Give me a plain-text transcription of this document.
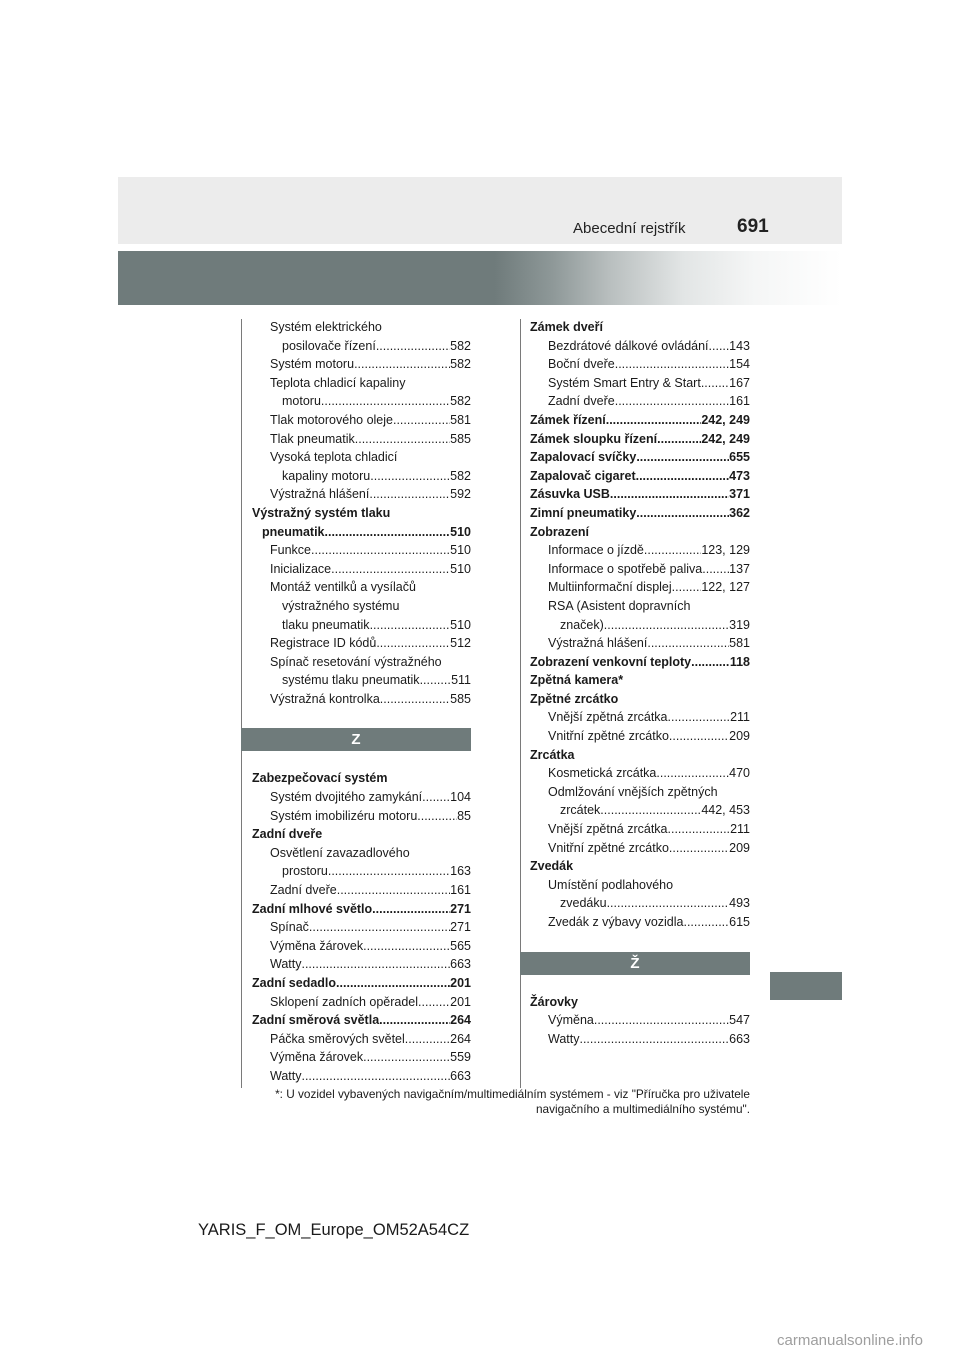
Abecední rejstřík	691
Systém elektrického
posilovače řízení .....	582
Systém motoru .....	582
Teplota chladicí kapaliny
motoru .....	582
Tlak motorového oleje .....	581
Tlak pneumatik .....	585
Vysoká teplota chladicí
kapaliny motoru .....	582
Výstražná hlášení .....	592
Výstražný systém tlaku
pneumatik .....	510
Funkce .....	510
Inicializace .....	510
Montáž ventilků a vysílačů
výstražného systému
tlaku pneumatik .....	510
Registrace ID kódů .....	512
Spínač resetování výstražného
systému tlaku pneumatik .....	511
Výstražná kontrolka .....	585
Z
Zabezpečovací systém
Systém dvojitého zamykání ..... 104
Systém imobilizéru motoru .....	85
Zadní dveře
Osvětlení zavazadlového
prostoru .....	163
Zadní dveře .....	161
Zadní mlhové světlo .....	271
Spínač .....	271
Výměna žárovek .....	565
Watty .....	663
Zadní sedadlo .....	201
Sklopení zadních opěradel .....	201
Zadní směrová světla .....	264
Páčka směrových světel .....	264
Výměna žárovek .....	559
Watty .....	663
Zámek dveří
Bezdrátové dálkové ovládání ..... 143
Boční dveře .....	154
Systém Smart Entry & Start ..... 167
Zadní dveře .....	161
Zámek řízení .....	242, 249
Zámek sloupku řízení .....	242, 249
Zapalovací svíčky .....	655
Zapalovač cigaret .....	473
Zásuvka USB .....	371
Zimní pneumatiky .....	362
Zobrazení
Informace o jízdě .....	123, 129
Informace o spotřebě paliva ..... 137
Multiinformační displej ..... 122, 127
RSA (Asistent dopravních
značek) .....	319
Výstražná hlášení .....	581
Zobrazení venkovní teploty .....	118
Zpětná kamera*
Zpětné zrcátko
Vnější zpětná zrcátka .....	211
Vnitřní zpětné zrcátko .....	209
Zrcátka
Kosmetická zrcátka .....	470
Odmlžování vnějších zpětných
zrcátek .....	442, 453
Vnější zpětná zrcátka .....	211
Vnitřní zpětné zrcátko .....	209
Zvedák
Umístění podlahového
zvedáku .....	493
Zvedák z výbavy vozidla .....	615
Ž
Žárovky
Výměna .....	547
Watty .....	663
*: U vozidel vybavených navigačním/multimediálním systémem - viz "Příručka pro uživatele
navigačního a multimediálního systému".
YARIS_F_OM_Europe_OM52A54CZ
carmanualsonline.info
